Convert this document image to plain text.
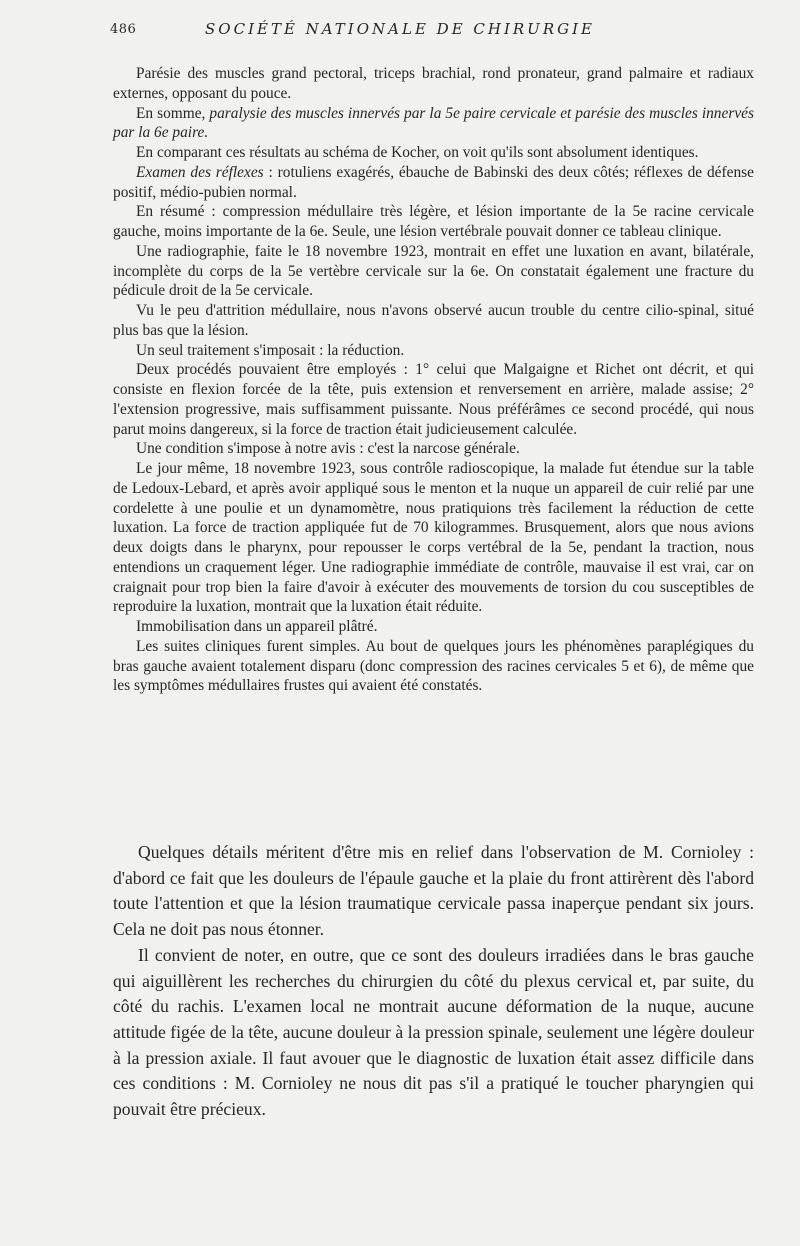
486	SOCIÉTÉ NATIONALE DE CHIRURGIE

Parésie des muscles grand pectoral, triceps brachial, rond pronateur, grand palmaire et radiaux externes, opposant du pouce.

En somme, paralysie des muscles innervés par la 5e paire cervicale et parésie des muscles innervés par la 6e paire.

En comparant ces résultats au schéma de Kocher, on voit qu'ils sont absolument identiques.

Examen des réflexes : rotuliens exagérés, ébauche de Babinski des deux côtés; réflexes de défense positif, médio-pubien normal.

En résumé : compression médullaire très légère, et lésion importante de la 5e racine cervicale gauche, moins importante de la 6e. Seule, une lésion vertébrale pouvait donner ce tableau clinique.

Une radiographie, faite le 18 novembre 1923, montrait en effet une luxation en avant, bilatérale, incomplète du corps de la 5e vertèbre cervicale sur la 6e. On constatait également une fracture du pédicule droit de la 5e cervicale.

Vu le peu d'attrition médullaire, nous n'avons observé aucun trouble du centre cilio-spinal, situé plus bas que la lésion.

Un seul traitement s'imposait : la réduction.

Deux procédés pouvaient être employés : 1° celui que Malgaigne et Richet ont décrit, et qui consiste en flexion forcée de la tête, puis extension et renversement en arrière, malade assise; 2° l'extension progressive, mais suffisamment puissante. Nous préférâmes ce second procédé, qui nous parut moins dangereux, si la force de traction était judicieusement calculée.

Une condition s'impose à notre avis : c'est la narcose générale.

Le jour même, 18 novembre 1923, sous contrôle radioscopique, la malade fut étendue sur la table de Ledoux-Lebard, et après avoir appliqué sous le menton et la nuque un appareil de cuir relié par une cordelette à une poulie et un dynamomètre, nous pratiquions très facilement la réduction de cette luxation. La force de traction appliquée fut de 70 kilogrammes. Brusquement, alors que nous avions deux doigts dans le pharynx, pour repousser le corps vertébral de la 5e, pendant la traction, nous entendions un craquement léger. Une radiographie immédiate de contrôle, mauvaise il est vrai, car on craignait pour trop bien la faire d'avoir à exécuter des mouvements de torsion du cou susceptibles de reproduire la luxation, montrait que la luxation était réduite.

Immobilisation dans un appareil plâtré.

Les suites cliniques furent simples. Au bout de quelques jours les phénomènes paraplégiques du bras gauche avaient totalement disparu (donc compression des racines cervicales 5 et 6), de même que les symptômes médullaires frustes qui avaient été constatés.

Quelques détails méritent d'être mis en relief dans l'observation de M. Cornioley : d'abord ce fait que les douleurs de l'épaule gauche et la plaie du front attirèrent dès l'abord toute l'attention et que la lésion traumatique cervicale passa inaperçue pendant six jours. Cela ne doit pas nous étonner.

Il convient de noter, en outre, que ce sont des douleurs irradiées dans le bras gauche qui aiguillèrent les recherches du chirurgien du côté du plexus cervical et, par suite, du côté du rachis. L'examen local ne montrait aucune déformation de la nuque, aucune attitude figée de la tête, aucune douleur à la pression spinale, seulement une légère douleur à la pression axiale. Il faut avouer que le diagnostic de luxation était assez difficile dans ces conditions : M. Cornioley ne nous dit pas s'il a pratiqué le toucher pharyngien qui pouvait être précieux.
